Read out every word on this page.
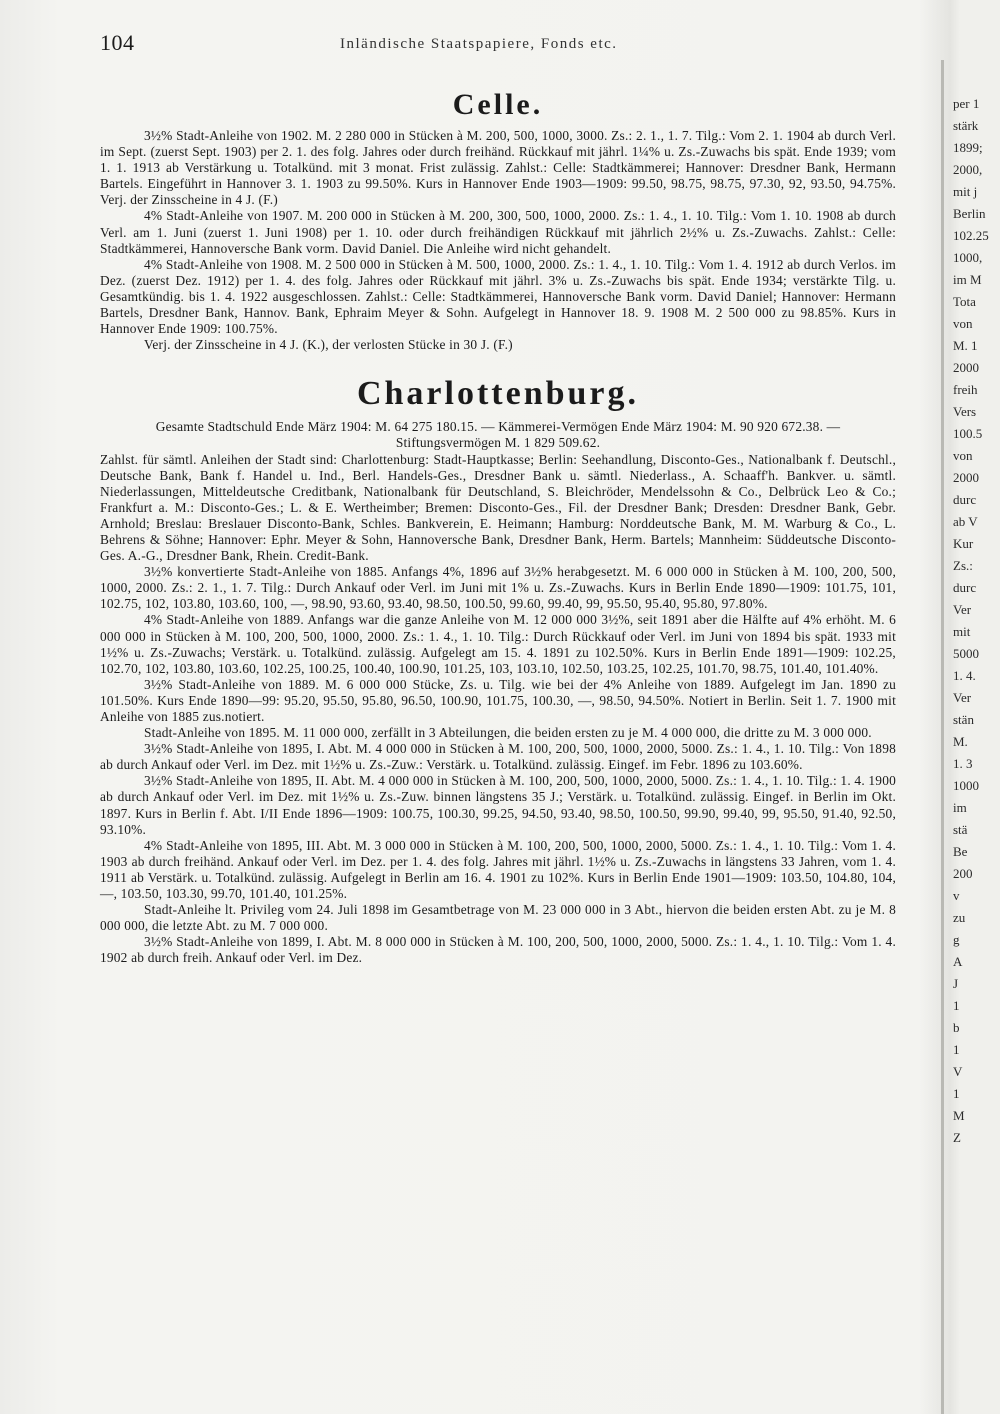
104	Inländische Staatspapiere, Fonds etc.
Celle.

3½% Stadt-Anleihe von 1902. M. 2 280 000 in Stücken à M. 200, 500, 1000, 3000. Zs.: 2. 1., 1. 7. Tilg.: Vom 2. 1. 1904 ab durch Verl. im Sept. (zuerst Sept. 1903) per 2. 1. des folg. Jahres oder durch freihänd. Rückkauf mit jährl. 1¼% u. Zs.-Zuwachs bis spät. Ende 1939; vom 1. 1. 1913 ab Verstärkung u. Totalkünd. mit 3 monat. Frist zulässig. Zahlst.: Celle: Stadtkämmerei; Hannover: Dresdner Bank, Hermann Bartels. Eingeführt in Hannover 3. 1. 1903 zu 99.50%. Kurs in Hannover Ende 1903—1909: 99.50, 98.75, 98.75, 97.30, 92, 93.50, 94.75%. Verj. der Zinsscheine in 4 J. (F.)

4% Stadt-Anleihe von 1907. M. 200 000 in Stücken à M. 200, 300, 500, 1000, 2000. Zs.: 1. 4., 1. 10. Tilg.: Vom 1. 10. 1908 ab durch Verl. am 1. Juni (zuerst 1. Juni 1908) per 1. 10. oder durch freihändigen Rückkauf mit jährlich 2½% u. Zs.-Zuwachs. Zahlst.: Celle: Stadtkämmerei, Hannoversche Bank vorm. David Daniel. Die Anleihe wird nicht gehandelt.

4% Stadt-Anleihe von 1908. M. 2 500 000 in Stücken à M. 500, 1000, 2000. Zs.: 1. 4., 1. 10. Tilg.: Vom 1. 4. 1912 ab durch Verlos. im Dez. (zuerst Dez. 1912) per 1. 4. des folg. Jahres oder Rückkauf mit jährl. 3% u. Zs.-Zuwachs bis spät. Ende 1934; verstärkte Tilg. u. Gesamtkündig. bis 1. 4. 1922 ausgeschlossen. Zahlst.: Celle: Stadtkämmerei, Hannoversche Bank vorm. David Daniel; Hannover: Hermann Bartels, Dresdner Bank, Hannov. Bank, Ephraim Meyer & Sohn. Aufgelegt in Hannover 18. 9. 1908 M. 2 500 000 zu 98.85%. Kurs in Hannover Ende 1909: 100.75%.

Verj. der Zinsscheine in 4 J. (K.), der verlosten Stücke in 30 J. (F.)

Charlottenburg.

Gesamte Stadtschuld Ende März 1904: M. 64 275 180.15. — Kämmerei-Vermögen Ende März 1904: M. 90 920 672.38. — Stiftungsvermögen M. 1 829 509.62.

Zahlst. für sämtl. Anleihen der Stadt sind: Charlottenburg: Stadt-Hauptkasse; Berlin: Seehandlung, Disconto-Ges., Nationalbank f. Deutschl., Deutsche Bank, Bank f. Handel u. Ind., Berl. Handels-Ges., Dresdner Bank u. sämtl. Niederlass., A. Schaaff'h. Bankver. u. sämtl. Niederlassungen, Mitteldeutsche Creditbank, Nationalbank für Deutschland, S. Bleichröder, Mendelssohn & Co., Delbrück Leo & Co.; Frankfurt a. M.: Disconto-Ges.; L. & E. Wertheimber; Bremen: Disconto-Ges., Fil. der Dresdner Bank; Dresden: Dresdner Bank, Gebr. Arnhold; Breslau: Breslauer Disconto-Bank, Schles. Bankverein, E. Heimann; Hamburg: Norddeutsche Bank, M. M. Warburg & Co., L. Behrens & Söhne; Hannover: Ephr. Meyer & Sohn, Hannoversche Bank, Dresdner Bank, Herm. Bartels; Mannheim: Süddeutsche Disconto-Ges. A.-G., Dresdner Bank, Rhein. Credit-Bank.

3½% konvertierte Stadt-Anleihe von 1885. Anfangs 4%, 1896 auf 3½% herabgesetzt. M. 6 000 000 in Stücken à M. 100, 200, 500, 1000, 2000. Zs.: 2. 1., 1. 7. Tilg.: Durch Ankauf oder Verl. im Juni mit 1% u. Zs.-Zuwachs. Kurs in Berlin Ende 1890—1909: 101.75, 101, 102.75, 102, 103.80, 103.60, 100, —, 98.90, 93.60, 93.40, 98.50, 100.50, 99.60, 99.40, 99, 95.50, 95.40, 95.80, 97.80%.

4% Stadt-Anleihe von 1889. Anfangs war die ganze Anleihe von M. 12 000 000 3½%, seit 1891 aber die Hälfte auf 4% erhöht. M. 6 000 000 in Stücken à M. 100, 200, 500, 1000, 2000. Zs.: 1. 4., 1. 10. Tilg.: Durch Rückkauf oder Verl. im Juni von 1894 bis spät. 1933 mit 1½% u. Zs.-Zuwachs; Verstärk. u. Totalkünd. zulässig. Aufgelegt am 15. 4. 1891 zu 102.50%. Kurs in Berlin Ende 1891—1909: 102.25, 102.70, 102, 103.80, 103.60, 102.25, 100.25, 100.40, 100.90, 101.25, 103, 103.10, 102.50, 103.25, 102.25, 101.70, 98.75, 101.40, 101.40%.

3½% Stadt-Anleihe von 1889. M. 6 000 000 Stücke, Zs. u. Tilg. wie bei der 4% Anleihe von 1889. Aufgelegt im Jan. 1890 zu 101.50%. Kurs Ende 1890—99: 95.20, 95.50, 95.80, 96.50, 100.90, 101.75, 100.30, —, 98.50, 94.50%. Notiert in Berlin. Seit 1. 7. 1900 mit Anleihe von 1885 zus.notiert.

Stadt-Anleihe von 1895. M. 11 000 000, zerfällt in 3 Abteilungen, die beiden ersten zu je M. 4 000 000, die dritte zu M. 3 000 000.

3½% Stadt-Anleihe von 1895, I. Abt. M. 4 000 000 in Stücken à M. 100, 200, 500, 1000, 2000, 5000. Zs.: 1. 4., 1. 10. Tilg.: Von 1898 ab durch Ankauf oder Verl. im Dez. mit 1½% u. Zs.-Zuw.: Verstärk. u. Totalkünd. zulässig. Eingef. im Febr. 1896 zu 103.60%.

3½% Stadt-Anleihe von 1895, II. Abt. M. 4 000 000 in Stücken à M. 100, 200, 500, 1000, 2000, 5000. Zs.: 1. 4., 1. 10. Tilg.: 1. 4. 1900 ab durch Ankauf oder Verl. im Dez. mit 1½% u. Zs.-Zuw. binnen längstens 35 J.; Verstärk. u. Totalkünd. zulässig. Eingef. in Berlin im Okt. 1897. Kurs in Berlin f. Abt. I/II Ende 1896—1909: 100.75, 100.30, 99.25, 94.50, 93.40, 98.50, 100.50, 99.90, 99.40, 99, 95.50, 91.40, 92.50, 93.10%.

4% Stadt-Anleihe von 1895, III. Abt. M. 3 000 000 in Stücken à M. 100, 200, 500, 1000, 2000, 5000. Zs.: 1. 4., 1. 10. Tilg.: Vom 1. 4. 1903 ab durch freihänd. Ankauf oder Verl. im Dez. per 1. 4. des folg. Jahres mit jährl. 1½% u. Zs.-Zuwachs in längstens 33 Jahren, vom 1. 4. 1911 ab Verstärk. u. Totalkünd. zulässig. Aufgelegt in Berlin am 16. 4. 1901 zu 102%. Kurs in Berlin Ende 1901—1909: 103.50, 104.80, 104, —, 103.50, 103.30, 99.70, 101.40, 101.25%.

Stadt-Anleihe lt. Privileg vom 24. Juli 1898 im Gesamtbetrage von M. 23 000 000 in 3 Abt., hiervon die beiden ersten Abt. zu je M. 8 000 000, die letzte Abt. zu M. 7 000 000.

3½% Stadt-Anleihe von 1899, I. Abt. M. 8 000 000 in Stücken à M. 100, 200, 500, 1000, 2000, 5000. Zs.: 1. 4., 1. 10. Tilg.: Vom 1. 4. 1902 ab durch freih. Ankauf oder Verl. im Dez.

per 1
stärk
1899;
2000,
mit j
Berlin
102.25
1000,
im M
Tota
von
M. 1
2000
freih
Vers
100.5
von
2000
durc
ab V
Kur
Zs.:
durc
Ver
mit
5000
1. 4.
Ver
stän
M.
1. 3
1000
im
stä
Be
200
v
zu
g
A
J
1
b
1
V
1
M
Z
